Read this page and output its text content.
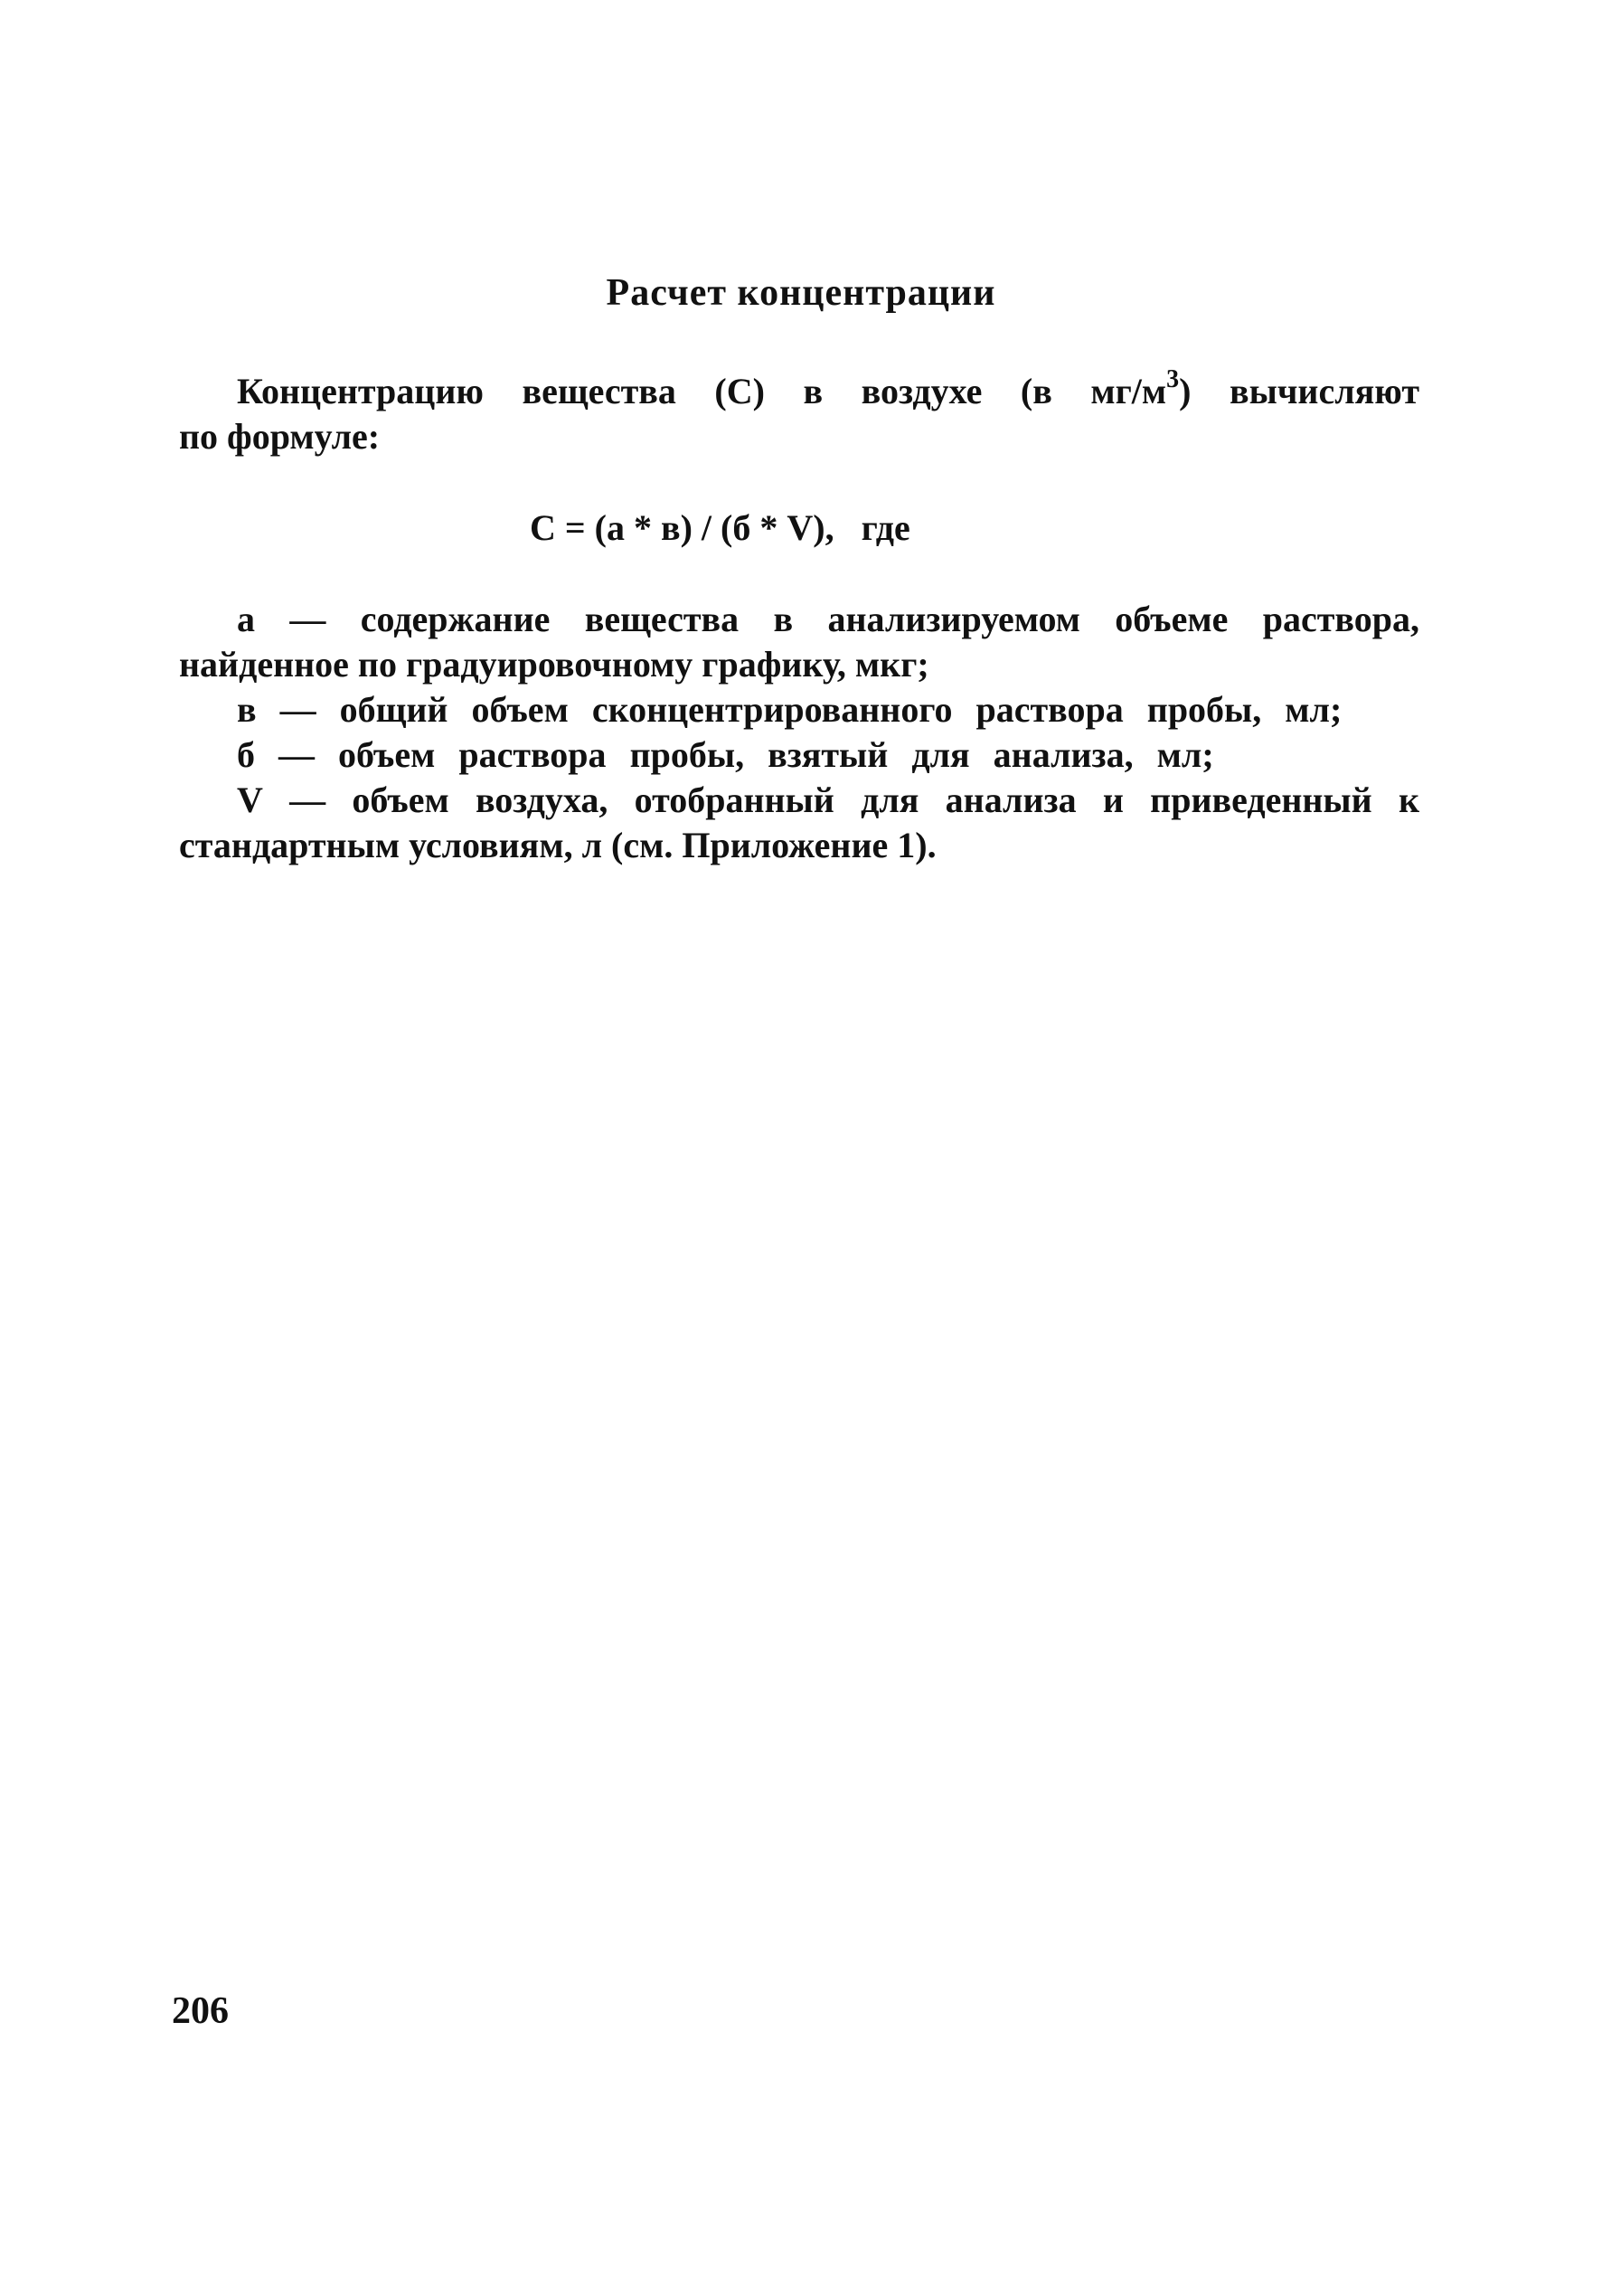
Расчет концентрации
Концентрацию вещества (С) в воздухе (в $мг/м^3$) вычисляют
по формуле:
С = (а * в) / (б * V), где
а — содержание вещества в анализируемом объеме раствора,
найденное по градуировочному графику, мкг;
в — общий объем сконцентрированного раствора пробы, мл;
б — объем раствора пробы, взятый для анализа, мл;
V — объем воздуха, отобранный для анализа и приведенный к
стандартным условиям, л (см. Приложение 1).
206
